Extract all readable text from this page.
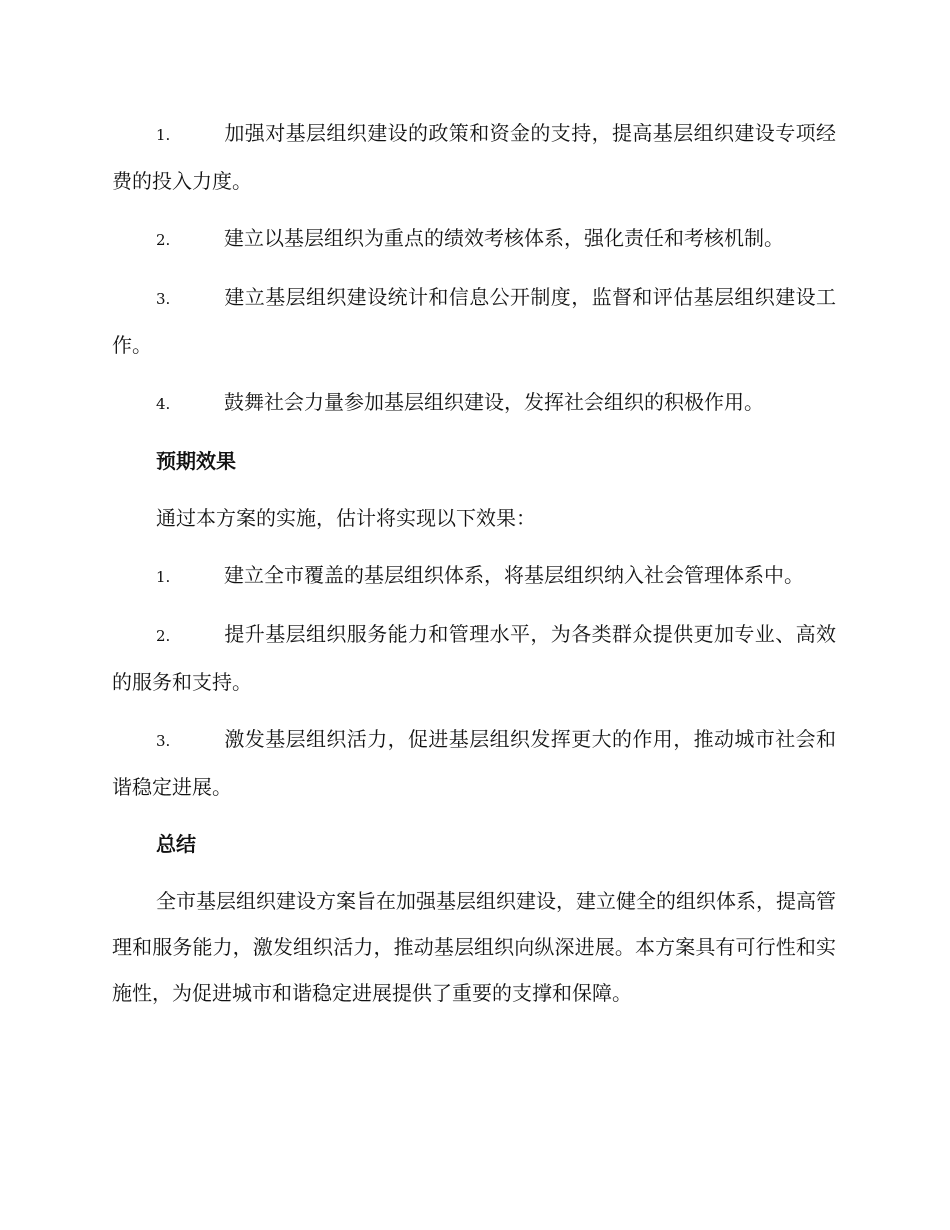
1.	加强对基层组织建设的政策和资金的支持，提高基层组织建设专项经费的投入力度。
2.	建立以基层组织为重点的绩效考核体系，强化责任和考核机制。
3.	建立基层组织建设统计和信息公开制度，监督和评估基层组织建设工作。
4.	鼓舞社会力量参加基层组织建设，发挥社会组织的积极作用。
预期效果
通过本方案的实施，估计将实现以下效果：
1.	建立全市覆盖的基层组织体系，将基层组织纳入社会管理体系中。
2.	提升基层组织服务能力和管理水平，为各类群众提供更加专业、高效的服务和支持。
3.	激发基层组织活力，促进基层组织发挥更大的作用，推动城市社会和谐稳定进展。
总结
全市基层组织建设方案旨在加强基层组织建设，建立健全的组织体系，提高管理和服务能力，激发组织活力，推动基层组织向纵深进展。本方案具有可行性和实施性，为促进城市和谐稳定进展提供了重要的支撑和保障。
